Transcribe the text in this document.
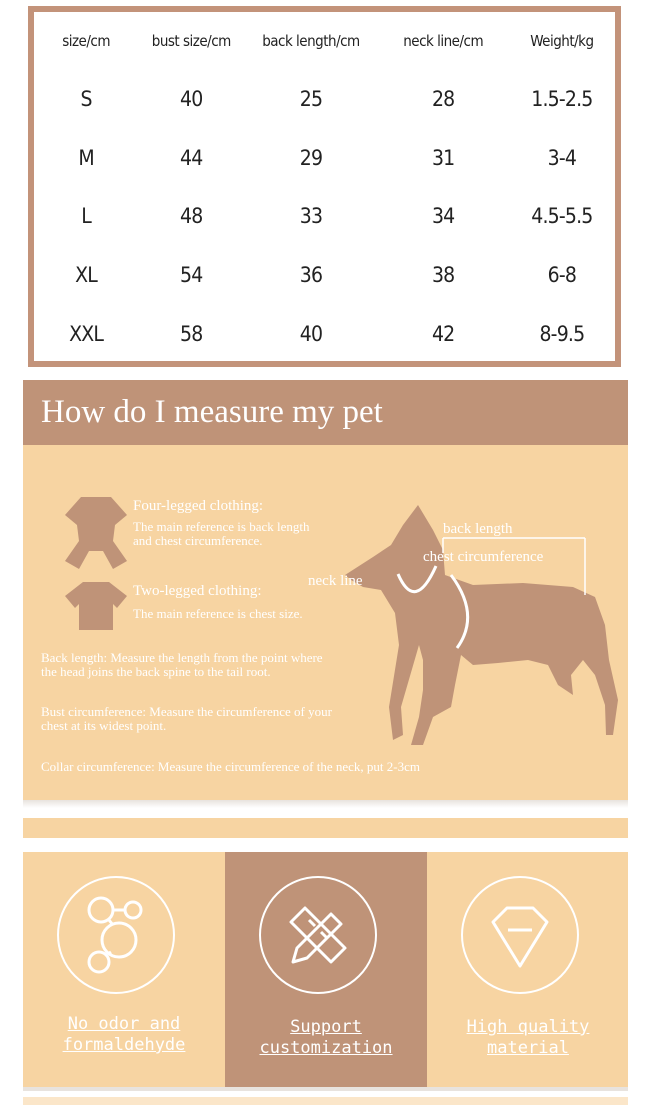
size/cm	bust size/cm	back length/cm	neck line/cm	Weight/kg
S	40	25	28	1.5-2.5
M	44	29	31	3-4
L	48	33	34	4.5-5.5
XL	54	36	38	6-8
XXL	58	40	42	8-9.5
How do I measure my pet
Four-legged clothing:
The main reference is back length
and chest circumference.
Two-legged clothing:
The main reference is chest size.
Back length: Measure the length from the point where
the head joins the back spine to the tail root.
Bust circumference: Measure the circumference of your
chest at its widest point.
Collar circumference: Measure the circumference of the neck, put 2-3cm
back length
chest circumference
neck line
No odor and
formaldehyde
Support
customization
High quality
material
